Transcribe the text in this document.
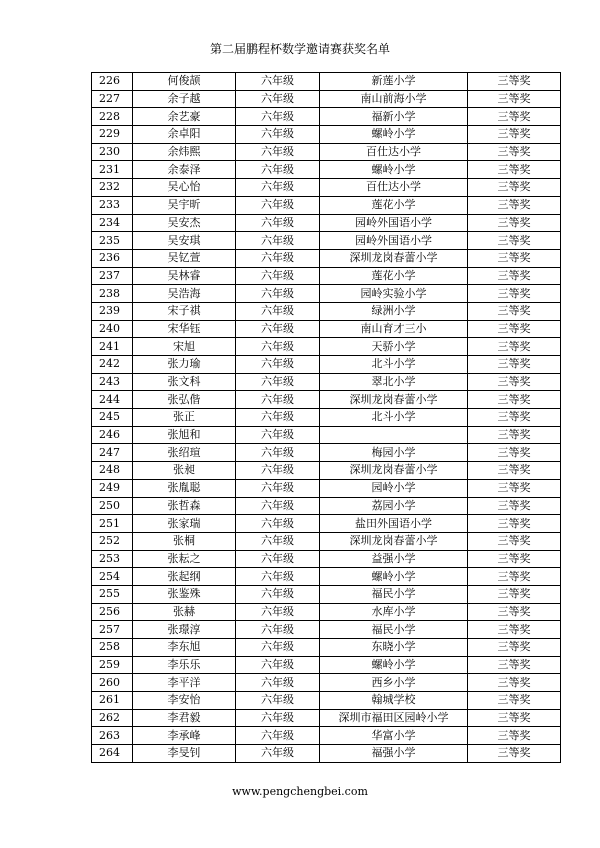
第二届鹏程杯数学邀请赛获奖名单
226	何俊颉	六年级	新莲小学	三等奖
227	余子越	六年级	南山前海小学	三等奖
228	余艺豪	六年级	福新小学	三等奖
229	余卓阳	六年级	螺岭小学	三等奖
230	余炜熙	六年级	百仕达小学	三等奖
231	余泰泽	六年级	螺岭小学	三等奖
232	吴心怡	六年级	百仕达小学	三等奖
233	吴宇昕	六年级	莲花小学	三等奖
234	吴安杰	六年级	园岭外国语小学	三等奖
235	吴安琪	六年级	园岭外国语小学	三等奖
236	吴钇萱	六年级	深圳龙岗春蕾小学	三等奖
237	吴林睿	六年级	莲花小学	三等奖
238	吴浩海	六年级	园岭实验小学	三等奖
239	宋子祺	六年级	绿洲小学	三等奖
240	宋华钰	六年级	南山育才三小	三等奖
241	宋旭	六年级	天骄小学	三等奖
242	张力瑜	六年级	北斗小学	三等奖
243	张文科	六年级	翠北小学	三等奖
244	张弘偕	六年级	深圳龙岗春蕾小学	三等奖
245	张正	六年级	北斗小学	三等奖
246	张旭和	六年级		三等奖
247	张绍瑄	六年级	梅园小学	三等奖
248	张昶	六年级	深圳龙岗春蕾小学	三等奖
249	张胤聪	六年级	园岭小学	三等奖
250	张哲森	六年级	荔园小学	三等奖
251	张家瑞	六年级	盐田外国语小学	三等奖
252	张桐	六年级	深圳龙岗春蕾小学	三等奖
253	张耘之	六年级	益强小学	三等奖
254	张起纲	六年级	螺岭小学	三等奖
255	张鉴殊	六年级	福民小学	三等奖
256	张赫	六年级	水库小学	三等奖
257	张璟淳	六年级	福民小学	三等奖
258	李东旭	六年级	东晓小学	三等奖
259	李乐乐	六年级	螺岭小学	三等奖
260	李平洋	六年级	西乡小学	三等奖
261	李安怡	六年级	翰城学校	三等奖
262	李君毅	六年级	深圳市福田区园岭小学	三等奖
263	李承峰	六年级	华富小学	三等奖
264	李旻钊	六年级	福强小学	三等奖
www.pengchengbei.com
